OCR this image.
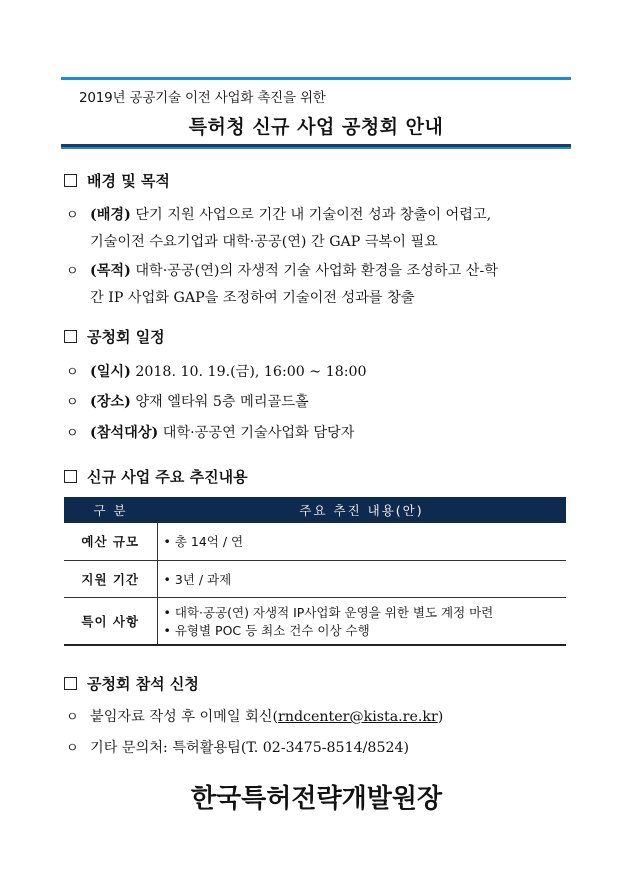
2019년 공공기술 이전 사업화 촉진을 위한
특허청 신규 사업 공청회 안내
배경 및 목적
ㅇ (배경) 단기 지원 사업으로 기간 내 기술이전 성과 창출이 어렵고,
기술이전 수요기업과 대학·공공(연) 간 GAP 극복이 필요
ㅇ (목적) 대학·공공(연)의 자생적 기술 사업화 환경을 조성하고 산-학
간 IP 사업화 GAP을 조정하여 기술이전 성과를 창출
공청회 일정
ㅇ (일시) 2018. 10. 19.(금), 16:00 ~ 18:00
ㅇ (장소) 양재 엘타워 5층 메리골드홀
ㅇ (참석대상) 대학·공공연 기술사업화 담당자
신규 사업 주요 추진내용
구 분	주요 추진 내용(안)
예산 규모	• 총 14억 / 연
지원 기간	• 3년 / 과제
특이 사항	• 대학·공공(연) 자생적 IP사업화 운영을 위한 별도 계정 마련
• 유형별 POC 등 최소 건수 이상 수행
공청회 참석 신청
ㅇ 붙임자료 작성 후 이메일 회신(rndcenter@kista.re.kr)
ㅇ 기타 문의처: 특허활용팀(T. 02-3475-8514/8524)
한국특허전략개발원장
